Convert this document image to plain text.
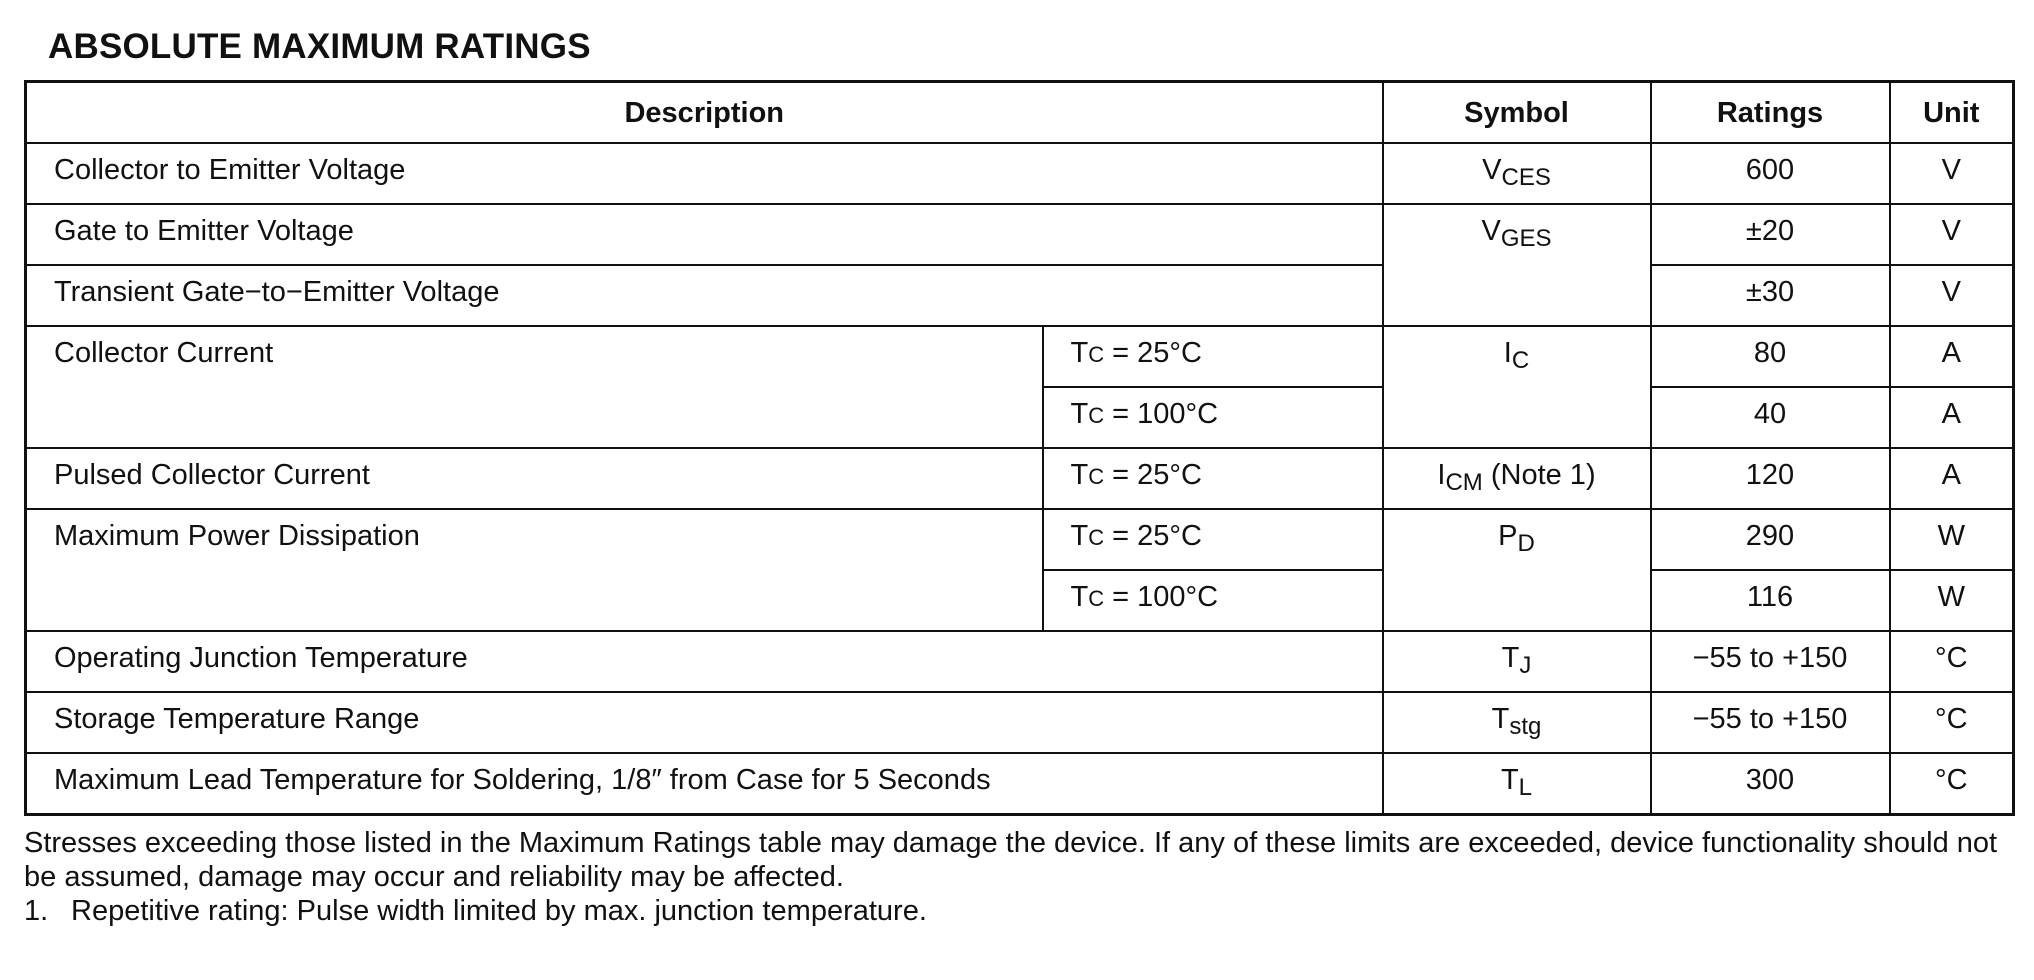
ABSOLUTE MAXIMUM RATINGS
Description		Symbol	Ratings	Unit
Collector to Emitter Voltage		$V_{CES}$	600	V
Gate to Emitter Voltage		$V_{GES}$	±20	V
Transient Gate−to−Emitter Voltage			±30	V
Collector Current	TC = 25°C	$I_C$	80	A
	TC = 100°C		40	A
Pulsed Collector Current	TC = 25°C	$I_{CM}$ (Note 1)	120	A
Maximum Power Dissipation	TC = 25°C	$P_D$	290	W
	TC = 100°C		116	W
Operating Junction Temperature		$T_J$	−55 to +150	°C
Storage Temperature Range		$T_{stg}$	−55 to +150	°C
Maximum Lead Temperature for Soldering, 1/8″ from Case for 5 Seconds		$T_L$	300	°C

Stresses exceeding those listed in the Maximum Ratings table may damage the device. If any of these limits are exceeded, device functionality should not be assumed, damage may occur and reliability may be affected.

1. Repetitive rating: Pulse width limited by max. junction temperature.
